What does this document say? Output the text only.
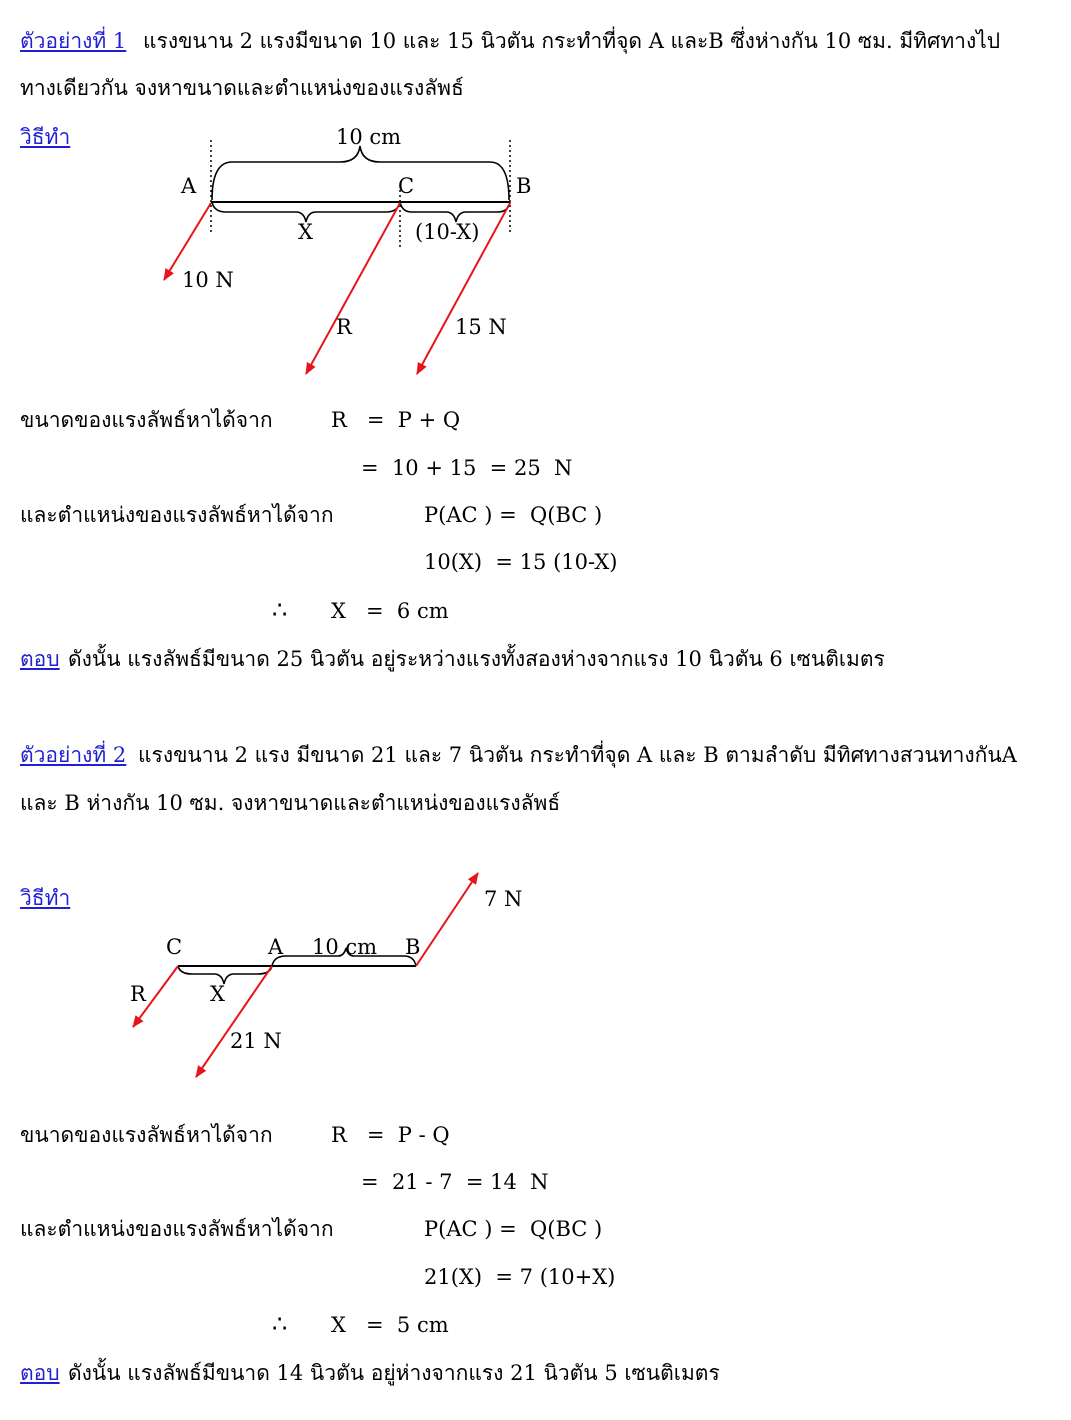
ตัวอย่างที่ 1 แรงขนาน 2 แรงมีขนาด 10 และ 15 นิวตัน กระทำที่จุด A และB ซึ่งห่างกัน 10 ซม. มีทิศทางไป
ทางเดียวกัน จงหาขนาดและตำแหน่งของแรงลัพธ์
วิธีทำ	10 cm
A	C	B
X	(10-X)
10 N
R	15 N
ขนาดของแรงลัพธ์หาได้จาก	R   =  P + Q
=  10 + 15  = 25  N
และตำแหน่งของแรงลัพธ์หาได้จาก	P(AC ) =  Q(BC )
10(X)  = 15 (10-X)
∴ X   =  6 cm
ตอบ ดังนั้น แรงลัพธ์มีขนาด 25 นิวตัน อยู่ระหว่างแรงทั้งสองห่างจากแรง 10 นิวตัน 6 เซนติเมตร
ตัวอย่างที่ 2 แรงขนาน 2 แรง มีขนาด 21 และ 7 นิวตัน กระทำที่จุด A และ B ตามลำดับ มีทิศทางสวนทางกันA
และ B ห่างกัน 10 ซม. จงหาขนาดและตำแหน่งของแรงลัพธ์
วิธีทำ	7 N
C	A 10 cm B
R	X
21 N
ขนาดของแรงลัพธ์หาได้จาก	R   =  P - Q
=  21 - 7  = 14  N
และตำแหน่งของแรงลัพธ์หาได้จาก	P(AC ) =  Q(BC )
21(X)  = 7 (10+X)
∴ X   =  5 cm
ตอบ ดังนั้น แรงลัพธ์มีขนาด 14 นิวตัน อยู่ห่างจากแรง 21 นิวตัน 5 เซนติเมตร
